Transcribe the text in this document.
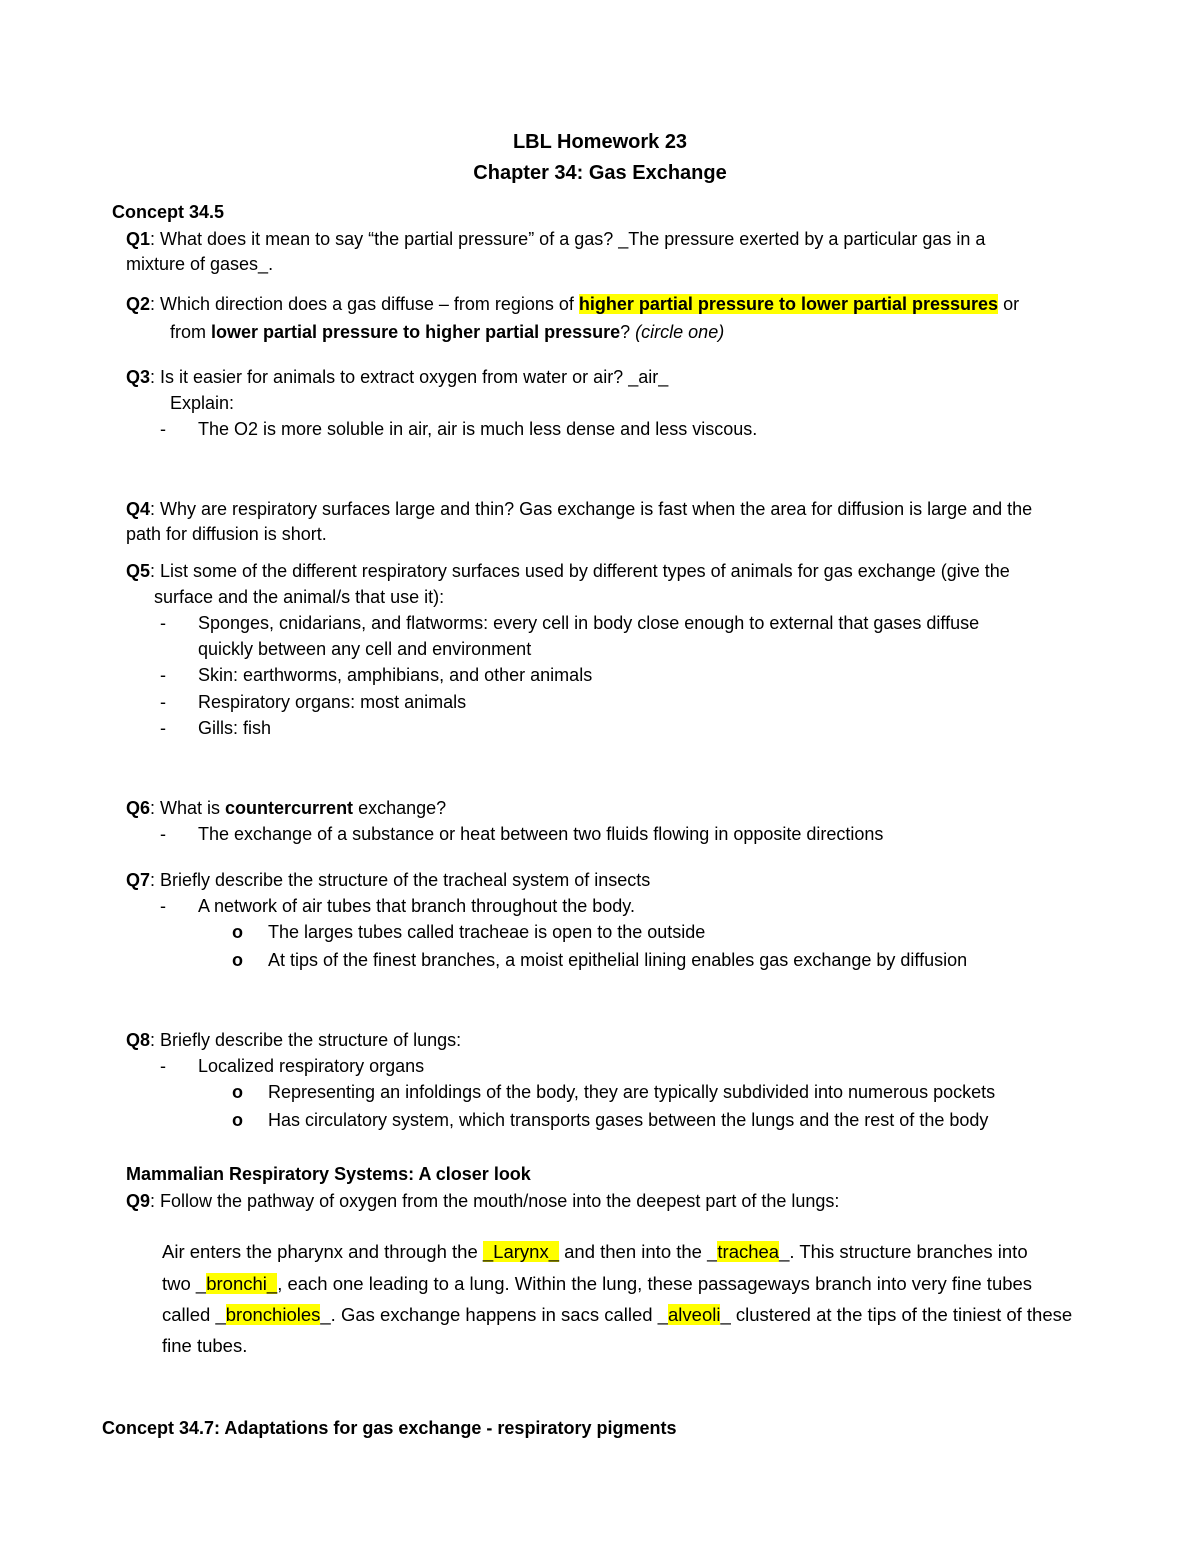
LBL Homework 23
Chapter 34: Gas Exchange
Concept 34.5
Q1: What does it mean to say “the partial pressure” of a gas? _The pressure exerted by a particular gas in a
mixture of gases_.
Q2: Which direction does a gas diffuse – from regions of higher partial pressure to lower partial pressures or
from lower partial pressure to higher partial pressure? (circle one)
Q3: Is it easier for animals to extract oxygen from water or air? _air_
Explain:
- The O2 is more soluble in air, air is much less dense and less viscous.
Q4: Why are respiratory surfaces large and thin? Gas exchange is fast when the area for diffusion is large and the
path for diffusion is short.
Q5: List some of the different respiratory surfaces used by different types of animals for gas exchange (give the
surface and the animal/s that use it):
- Sponges, cnidarians, and flatworms: every cell in body close enough to external that gases diffuse
quickly between any cell and environment
- Skin: earthworms, amphibians, and other animals
- Respiratory organs: most animals
- Gills: fish
Q6: What is countercurrent exchange?
- The exchange of a substance or heat between two fluids flowing in opposite directions
Q7: Briefly describe the structure of the tracheal system of insects
- A network of air tubes that branch throughout the body.
o The larges tubes called tracheae is open to the outside
o At tips of the finest branches, a moist epithelial lining enables gas exchange by diffusion
Q8: Briefly describe the structure of lungs:
- Localized respiratory organs
o Representing an infoldings of the body, they are typically subdivided into numerous pockets
o Has circulatory system, which transports gases between the lungs and the rest of the body
Mammalian Respiratory Systems: A closer look
Q9: Follow the pathway of oxygen from the mouth/nose into the deepest part of the lungs:
Air enters the pharynx and through the _Larynx_ and then into the _trachea_. This structure branches into
two _bronchi_, each one leading to a lung. Within the lung, these passageways branch into very fine tubes
called _bronchioles_. Gas exchange happens in sacs called _alveoli_ clustered at the tips of the tiniest of these
fine tubes.
Concept 34.7: Adaptations for gas exchange - respiratory pigments
